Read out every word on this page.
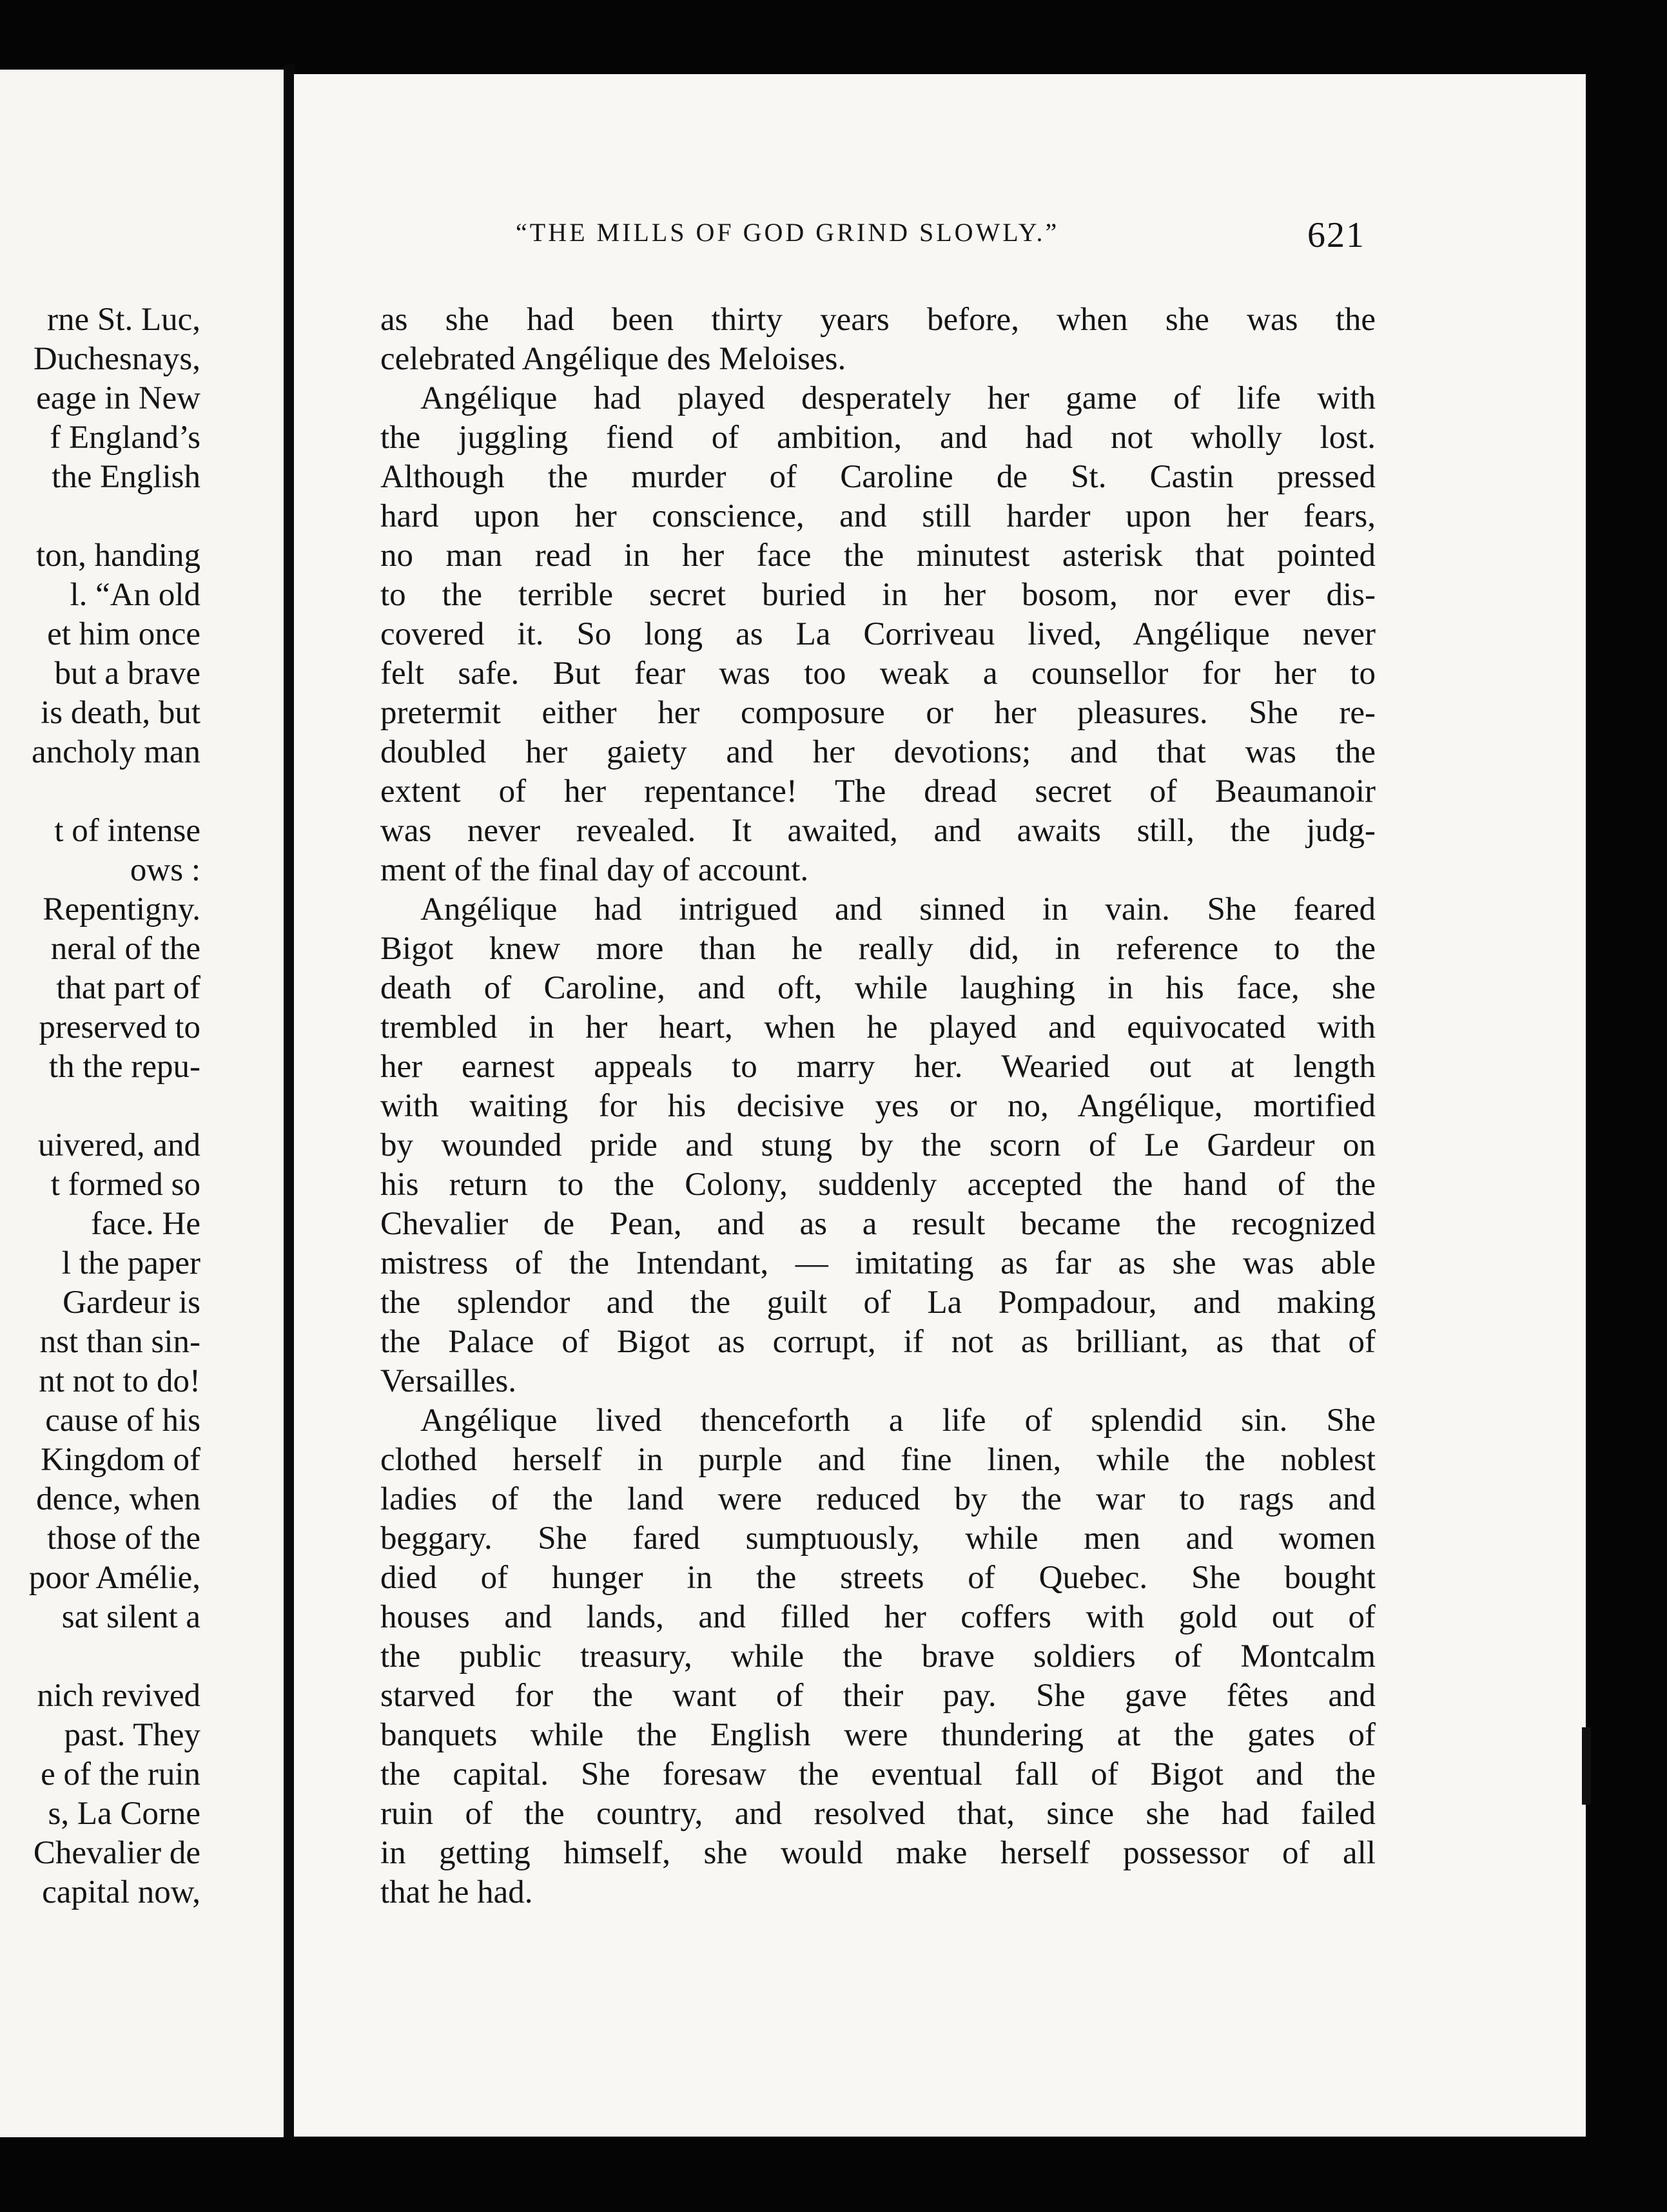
rne St. Luc,
Duchesnays,
eage in New
f England’s
the English

ton, handing
l. “An old
et him once
but a brave
is death, but
ancholy man

t of intense
ows :
Repentigny.
neral of the
that part of
preserved to
th the repu-

uivered, and
t formed so
face. He
l the paper
Gardeur is
nst than sin-
nt not to do!
cause of his
Kingdom of
dence, when
those of the
poor Amélie,
sat silent a

nich revived
past. They
e of the ruin
s, La Corne
Chevalier de
capital now,
“THE MILLS OF GOD GRIND SLOWLY.”	621

as she had been thirty years before, when she was the
celebrated Angélique des Meloises.

Angélique had played desperately her game of life with
the juggling fiend of ambition, and had not wholly lost.
Although the murder of Caroline de St. Castin pressed
hard upon her conscience, and still harder upon her fears,
no man read in her face the minutest asterisk that pointed
to the terrible secret buried in her bosom, nor ever dis-
covered it. So long as La Corriveau lived, Angélique never
felt safe. But fear was too weak a counsellor for her to
pretermit either her composure or her pleasures. She re-
doubled her gaiety and her devotions; and that was the
extent of her repentance! The dread secret of Beaumanoir
was never revealed. It awaited, and awaits still, the judg-
ment of the final day of account.

Angélique had intrigued and sinned in vain. She feared
Bigot knew more than he really did, in reference to the
death of Caroline, and oft, while laughing in his face, she
trembled in her heart, when he played and equivocated with
her earnest appeals to marry her. Wearied out at length
with waiting for his decisive yes or no, Angélique, mortified
by wounded pride and stung by the scorn of Le Gardeur on
his return to the Colony, suddenly accepted the hand of the
Chevalier de Pean, and as a result became the recognized
mistress of the Intendant, — imitating as far as she was able
the splendor and the guilt of La Pompadour, and making
the Palace of Bigot as corrupt, if not as brilliant, as that of
Versailles.

Angélique lived thenceforth a life of splendid sin. She
clothed herself in purple and fine linen, while the noblest
ladies of the land were reduced by the war to rags and
beggary. She fared sumptuously, while men and women
died of hunger in the streets of Quebec. She bought
houses and lands, and filled her coffers with gold out of
the public treasury, while the brave soldiers of Montcalm
starved for the want of their pay. She gave fêtes and
banquets while the English were thundering at the gates of
the capital. She foresaw the eventual fall of Bigot and the
ruin of the country, and resolved that, since she had failed
in getting himself, she would make herself possessor of all
that he had.
